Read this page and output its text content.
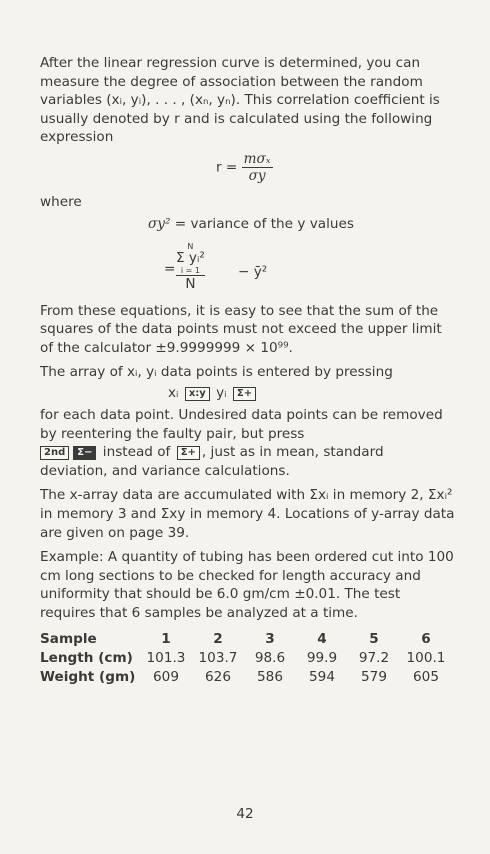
After the linear regression curve is determined, you can measure the degree of association between the random variables (xᵢ, yᵢ), . . . , (xₙ, yₙ). This correlation coefficient is usually denoted by r and is calculated using the following expression

$r = \frac{\text{mσₓ}}{\sigma y}$

where

σy² = variance of the y values
=
N
Σ yᵢ²
i = 1
N
− ȳ²

From these equations, it is easy to see that the sum of the squares of the data points must not exceed the upper limit of the calculator ±9.9999999 × 10⁹⁹.

The array of xᵢ, yᵢ data points is entered by pressing

xᵢ x:y yᵢ Σ+

for each data point. Undesired data points can be removed by reentering the faulty pair, but press
2nd Σ− instead of Σ+ , just as in mean, standard deviation, and variance calculations.

The x-array data are accumulated with Σxᵢ in memory 2, Σxᵢ² in memory 3 and Σxy in memory 4. Locations of y-array data are given on page 39.

Example: A quantity of tubing has been ordered cut into 100 cm long sections to be checked for length accuracy and uniformity that should be 6.0 gm/cm ±0.01. The test requires that 6 samples be analyzed at a time.

Sample	1	2	3	4	5	6
Length (cm)	101.3	103.7	98.6	99.9	97.2	100.1
Weight (gm)	609	626	586	594	579	605
42
